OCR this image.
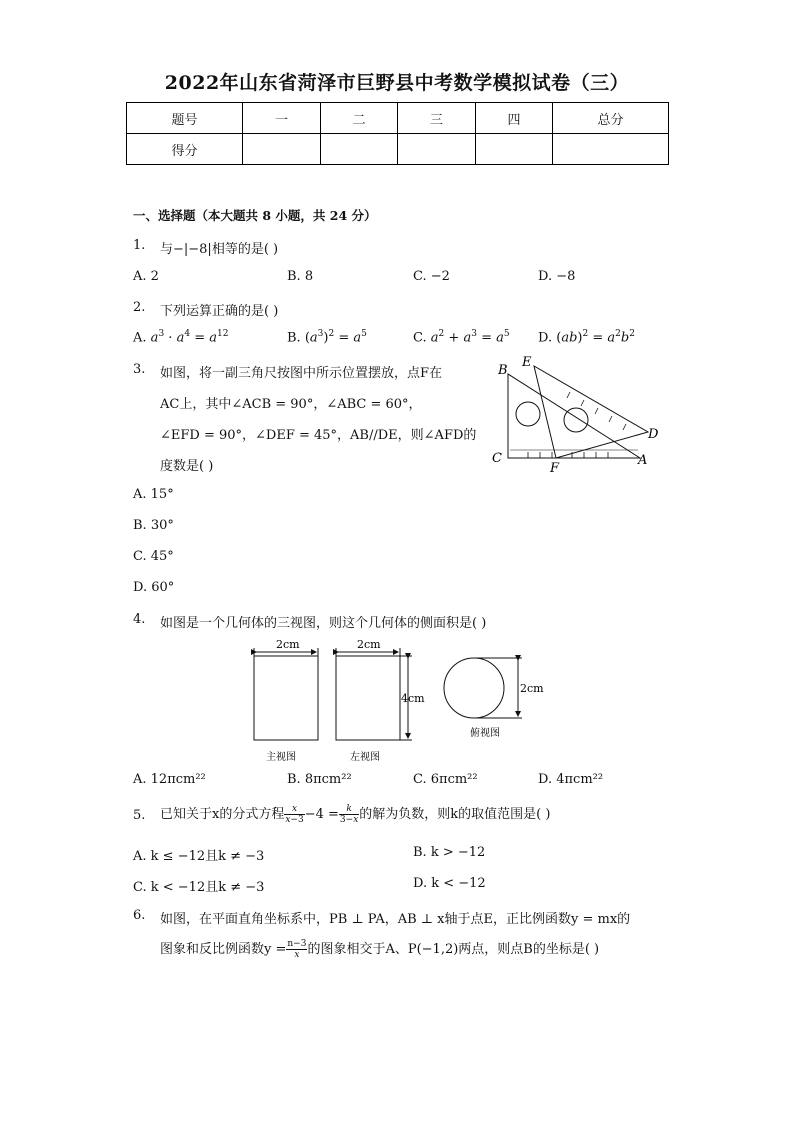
2022年山东省菏泽市巨野县中考数学模拟试卷（三）
题号	一	二	三	四	总分
得分					
一、选择题（本大题共 8 小题，共 24 分）
1. 与−|−8|相等的是( )
A. 2	B. 8	C. −2	D. −8
2. 下列运算正确的是( )
A. $a^3 \cdot a^4 = a^{12}$	B. $(a^3)^2 = a^5$	C. $a^2 + a^3 = a^5$ D. $(ab)^2 = a^2b^2$
3. 如图，将一副三角尺按图中所示位置摆放，点F在
AC上，其中∠ACB = 90°，∠ABC = 60°，
∠EFD = 90°，∠DEF = 45°，AB//DE，则∠AFD的
度数是( )
B
E
D
C
F
A
A. 15°
B. 30°
C. 45°
D. 60°
4. 如图是一个几何体的三视图，则这个几何体的侧面积是( )
2cm	2cm
4cm
2cm
主视图	左视图
俯视图
A. 12πcm²²	B. 8πcm²²	C. 6πcm²²	D. 4πcm²²
5. 已知关于x的分式方程 $\frac{x}{x-3} -4 = \frac{k}{3-x}$ 的解为负数，则k的取值范围是( )
A. k ≤ −12且k ≠ −3	B. k > −12
C. k < −12且k ≠ −3	D. k < −12
6. 如图，在平面直角坐标系中，PB ⊥ PA，AB ⊥ x轴于点E，正比例函数y = mx的
图象和反比例函数$y = \frac{n-3}{x}$ 的图象相交于A、P(−1,2)两点，则点B的坐标是( )
